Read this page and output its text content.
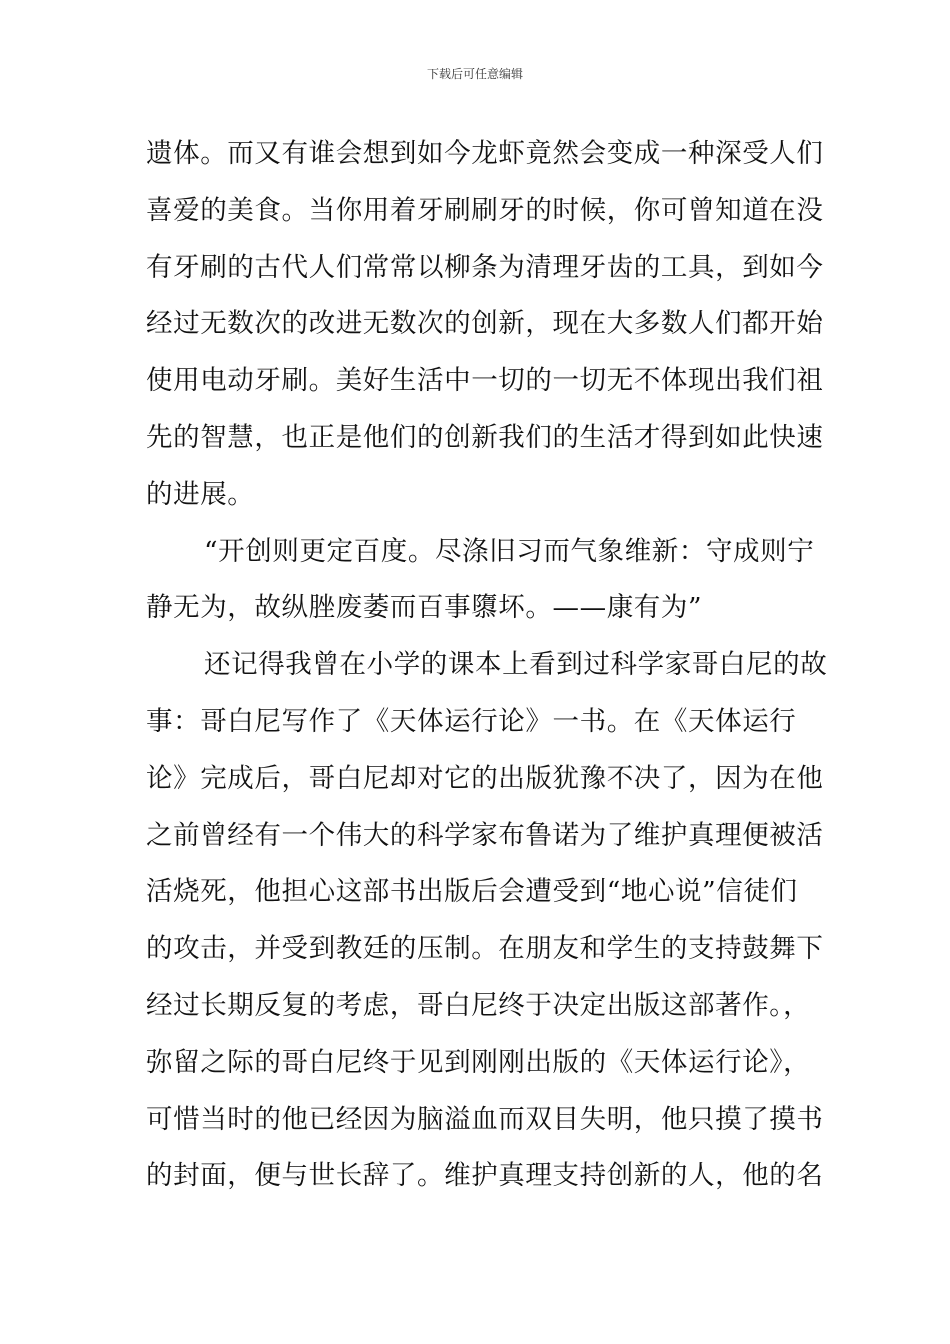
下载后可任意编辑
遗体。而又有谁会想到如今龙虾竟然会变成一种深受人们
喜爱的美食。当你用着牙刷刷牙的时候，你可曾知道在没
有牙刷的古代人们常常以柳条为清理牙齿的工具，到如今
经过无数次的改进无数次的创新，现在大多数人们都开始
使用电动牙刷。美好生活中一切的一切无不体现出我们祖
先的智慧，也正是他们的创新我们的生活才得到如此快速
的进展。
“开创则更定百度。尽涤旧习而气象维新：守成则宁
静无为，故纵脞废萎而百事隳坏。——康有为”
还记得我曾在小学的课本上看到过科学家哥白尼的故
事：哥白尼写作了《天体运行论》一书。在《天体运行
论》完成后，哥白尼却对它的出版犹豫不决了，因为在他
之前曾经有一个伟大的科学家布鲁诺为了维护真理便被活
活烧死，他担心这部书出版后会遭受到“地心说”信徒们
的攻击，并受到教廷的压制。在朋友和学生的支持鼓舞下
经过长期反复的考虑，哥白尼终于决定出版这部著作。，
弥留之际的哥白尼终于见到刚刚出版的《天体运行论》，
可惜当时的他已经因为脑溢血而双目失明，他只摸了摸书
的封面，便与世长辞了。维护真理支持创新的人，他的名
